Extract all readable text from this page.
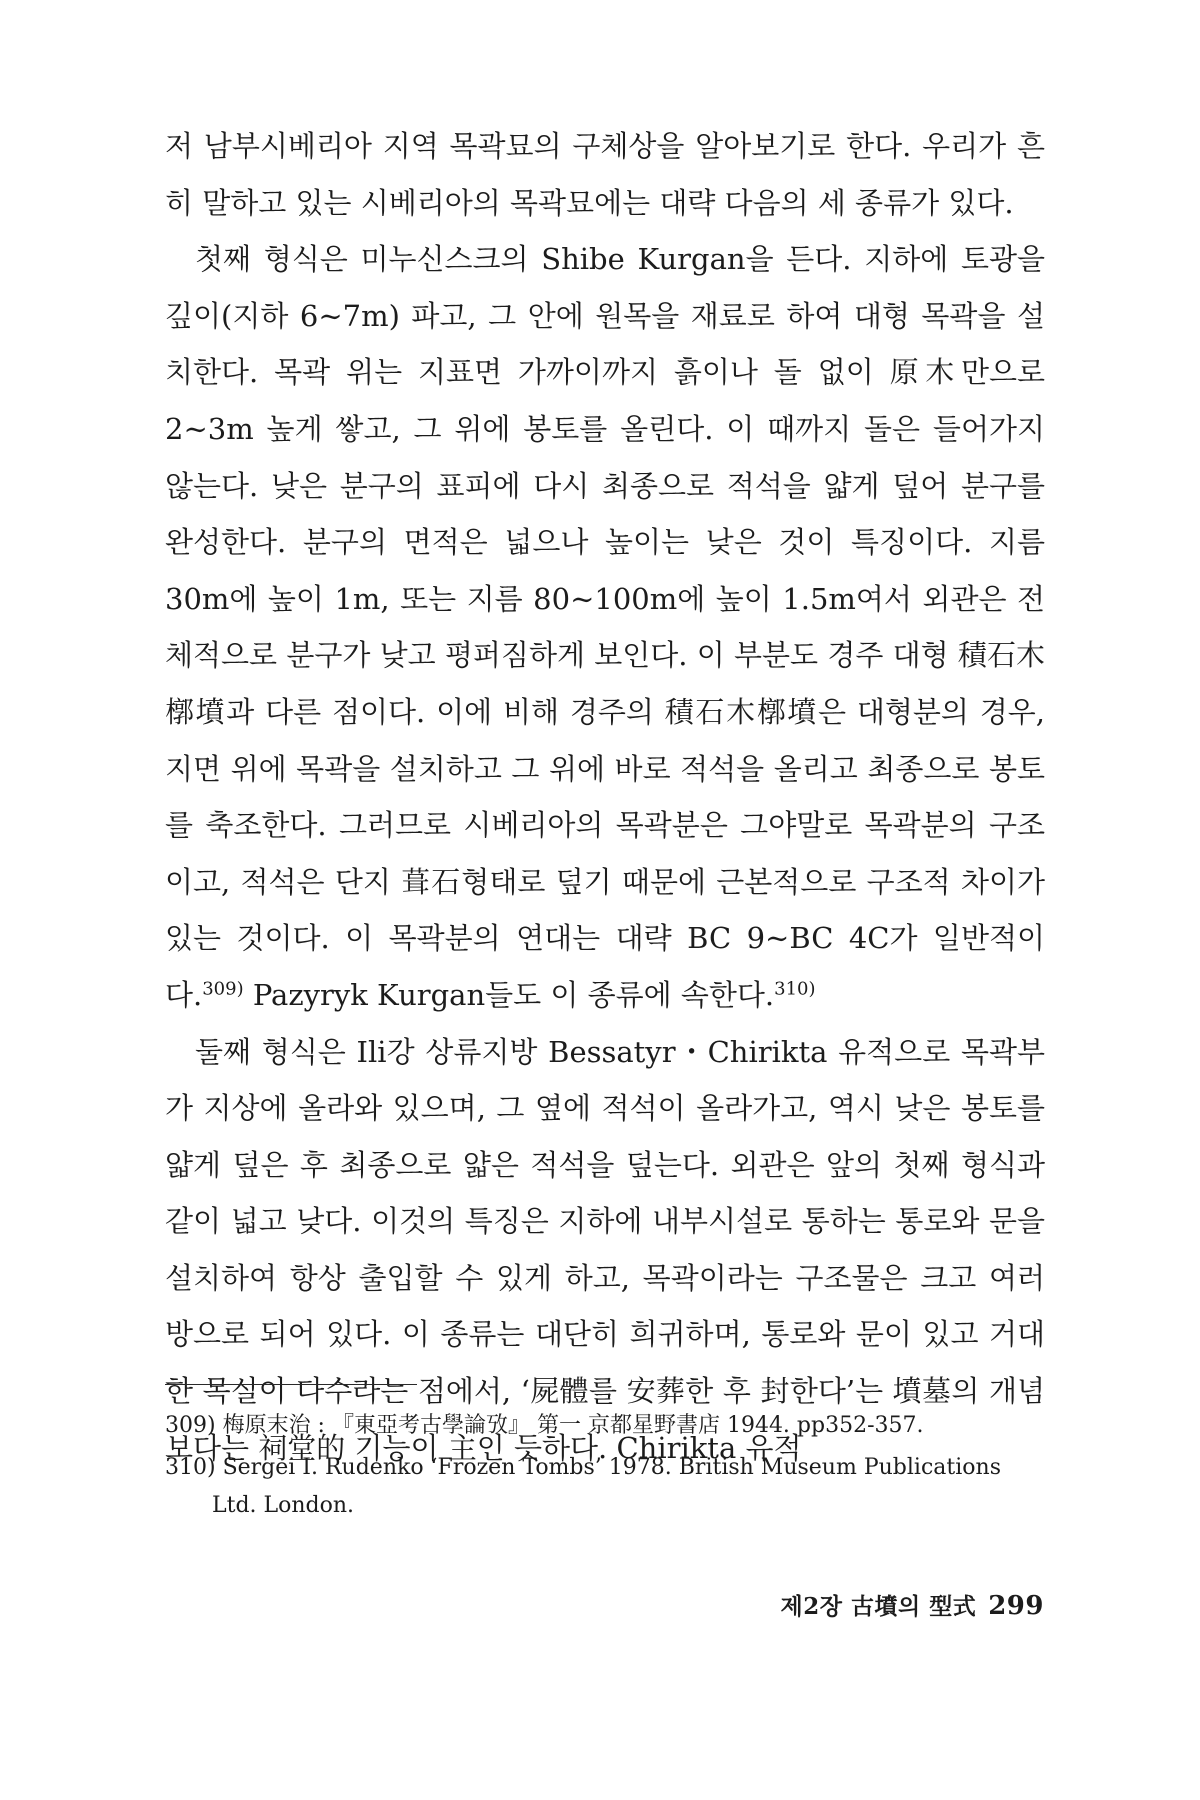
저 남부시베리아 지역 목곽묘의 구체상을 알아보기로 한다. 우리가 흔히 말하고 있는 시베리아의 목곽묘에는 대략 다음의 세 종류가 있다.

첫째 형식은 미누신스크의 Shibe Kurgan을 든다. 지하에 토광을 깊이(지하 6∼7m) 파고, 그 안에 원목을 재료로 하여 대형 목곽을 설치한다. 목곽 위는 지표면 가까이까지 흙이나 돌 없이 原木만으로 2∼3m 높게 쌓고, 그 위에 봉토를 올린다. 이 때까지 돌은 들어가지 않는다. 낮은 분구의 표피에 다시 최종으로 적석을 얇게 덮어 분구를 완성한다. 분구의 면적은 넓으나 높이는 낮은 것이 특징이다. 지름 30m에 높이 1m, 또는 지름 80∼100m에 높이 1.5m여서 외관은 전체적으로 분구가 낮고 평퍼짐하게 보인다. 이 부분도 경주 대형 積石木槨墳과 다른 점이다. 이에 비해 경주의 積石木槨墳은 대형분의 경우, 지면 위에 목곽을 설치하고 그 위에 바로 적석을 올리고 최종으로 봉토를 축조한다. 그러므로 시베리아의 목곽분은 그야말로 목곽분의 구조이고, 적석은 단지 葺石형태로 덮기 때문에 근본적으로 구조적 차이가 있는 것이다. 이 목곽분의 연대는 대략 BC 9∼BC 4C가 일반적이다.$^{309)}$ Pazyryk Kurgan들도 이 종류에 속한다.$^{310)}$

둘째 형식은 Ili강 상류지방 Bessatyr・Chirikta 유적으로 목곽부가 지상에 올라와 있으며, 그 옆에 적석이 올라가고, 역시 낮은 봉토를 얇게 덮은 후 최종으로 얇은 적석을 덮는다. 외관은 앞의 첫째 형식과 같이 넓고 낮다. 이것의 특징은 지하에 내부시설로 통하는 통로와 문을 설치하여 항상 출입할 수 있게 하고, 목곽이라는 구조물은 크고 여러 방으로 되어 있다. 이 종류는 대단히 희귀하며, 통로와 문이 있고 거대한 목실이 다수라는 점에서, ‘屍體를 安葬한 후 封한다’는 墳墓의 개념보다는 祠堂的 기능이 主인 듯하다. Chirikta 유적

309) 梅原末治 : 『東亞考古學論攷』 第一 京都星野書店 1944. pp352-357.

310) Sergei I. Rudenko ‘Frozen Tombs’ 1978. British Museum Publications Ltd. London.

제2장 古墳의 型式 299
